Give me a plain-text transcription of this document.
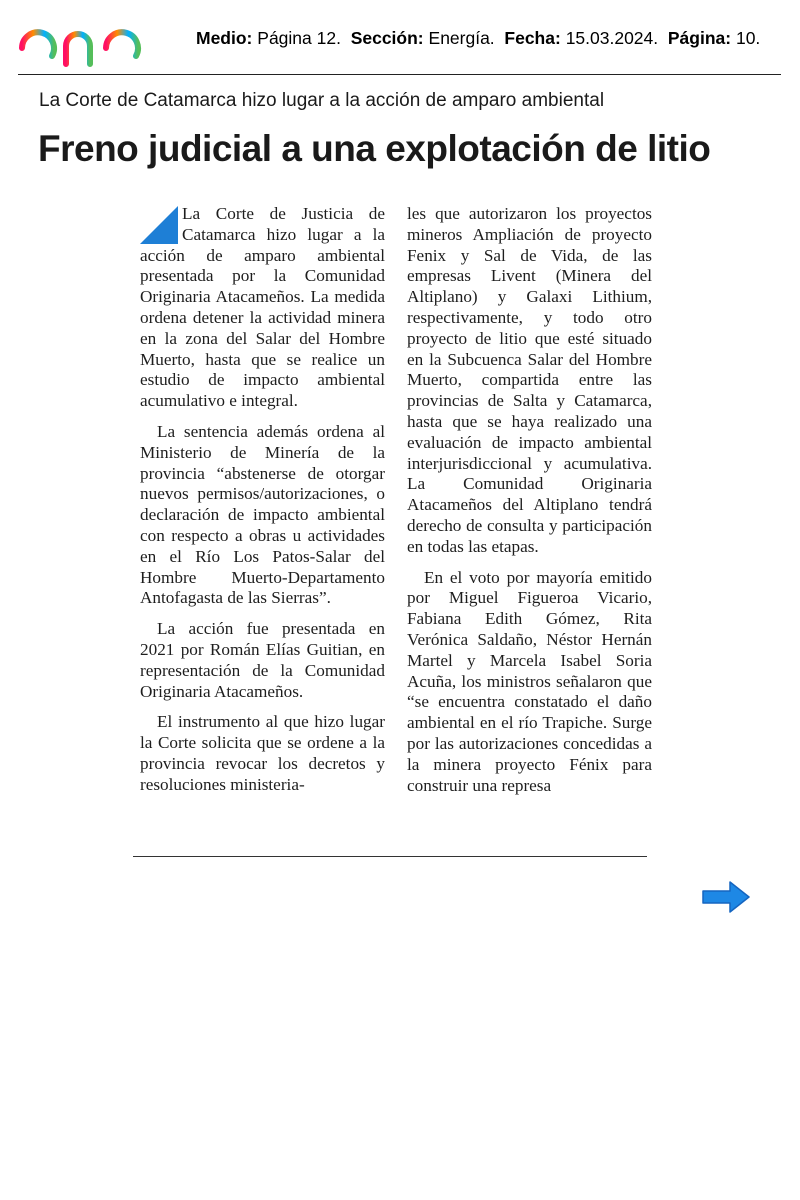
Medio: Página 12. Sección: Energía. Fecha: 15.03.2024. Página: 10.
La Corte de Catamarca hizo lugar a la acción de amparo ambiental
Freno judicial a una explotación de litio

La Corte de Justicia de Catamarca hizo lugar a la acción de amparo ambiental presentada por la Comunidad Originaria Atacameños. La medida ordena detener la actividad minera en la zona del Salar del Hombre Muerto, hasta que se realice un estudio de impacto ambiental acumulativo e integral.

La sentencia además ordena al Ministerio de Minería de la provincia “abstenerse de otorgar nuevos permisos/autorizaciones, o declaración de impacto ambiental con respecto a obras u actividades en el Río Los Patos-Salar del Hombre Muerto-Departamento Antofagasta de las Sierras”.

La acción fue presentada en 2021 por Román Elías Guitian, en representación de la Comunidad Originaria Atacameños.

El instrumento al que hizo lugar la Corte solicita que se ordene a la provincia revocar los decretos y resoluciones ministeria-

les que autorizaron los proyectos mineros Ampliación de proyecto Fenix y Sal de Vida, de las empresas Livent (Minera del Altiplano) y Galaxi Lithium, respectivamente, y todo otro proyecto de litio que esté situado en la Subcuenca Salar del Hombre Muerto, compartida entre las provincias de Salta y Catamarca, hasta que se haya realizado una evaluación de impacto ambiental interjurisdiccional y acumulativa. La Comunidad Originaria Atacameños del Altiplano tendrá derecho de consulta y participación en todas las etapas.

En el voto por mayoría emitido por Miguel Figueroa Vicario, Fabiana Edith Gómez, Rita Verónica Saldaño, Néstor Hernán Martel y Marcela Isabel Soria Acuña, los ministros señalaron que “se encuentra constatado el daño ambiental en el río Trapiche. Surge por las autorizaciones concedidas a la minera proyecto Fénix para construir una represa
